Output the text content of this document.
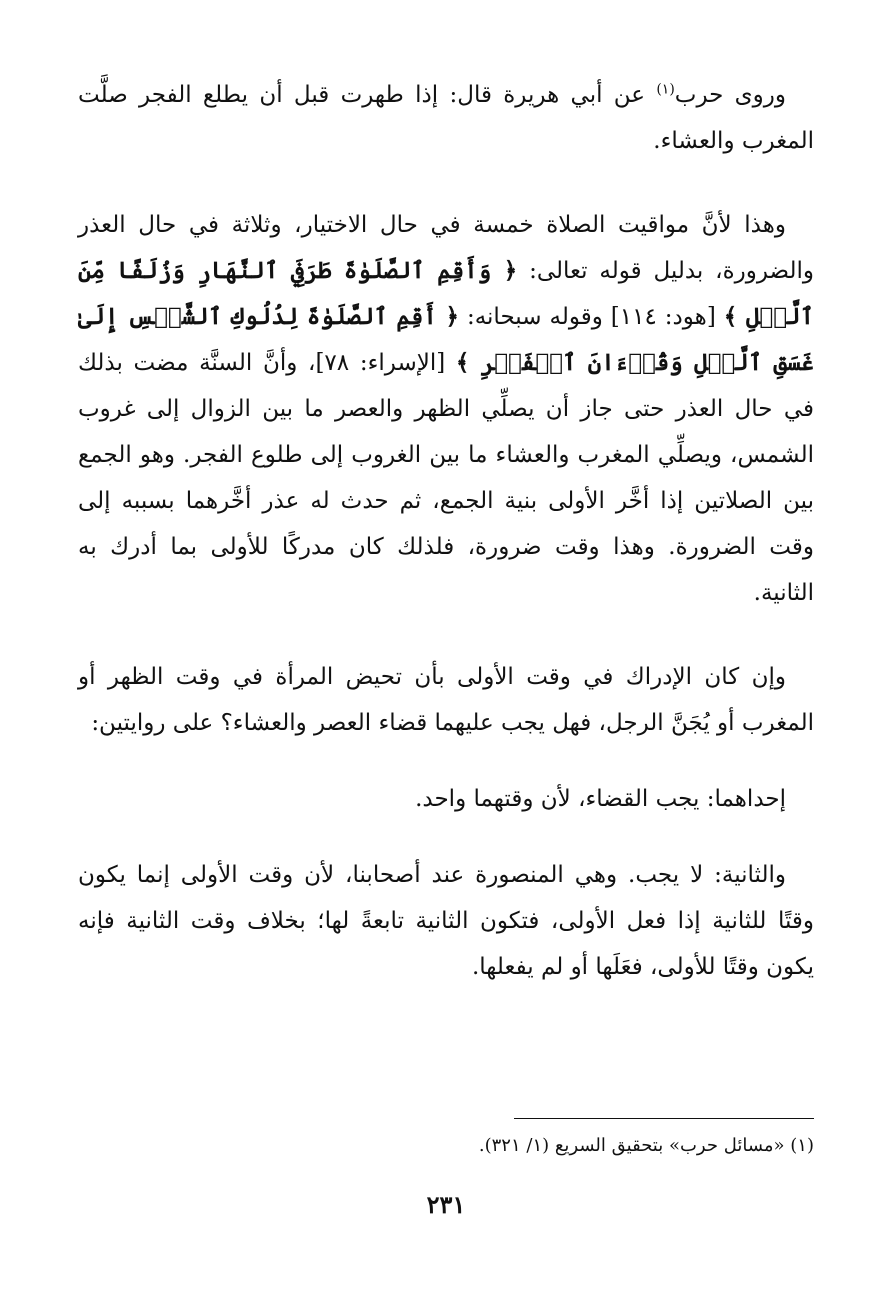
وروى حرب$^{(١)}$ عن أبي هريرة قال: إذا طهرت قبل أن يطلع الفجر صلَّت المغرب والعشاء.

وهذا لأنَّ مواقيت الصلاة خمسة في حال الاختيار، وثلاثة في حال العذر والضرورة، بدليل قوله تعالى: ﴿ وَأَقِمِ ٱلصَّلَوٰةَ طَرَفَيِ ٱلنَّهَارِ وَزُلَفًا مِّنَ ٱلَّيۡلِ ﴾ [هود: ١١٤] وقوله سبحانه: ﴿ أَقِمِ ٱلصَّلَوٰةَ لِدُلُوكِ ٱلشَّمۡسِ إِلَىٰ غَسَقِ ٱلَّيۡلِ وَقُرۡءَانَ ٱلۡفَجۡرِ ﴾ [الإسراء: ٧٨]، وأنَّ السنَّة مضت بذلك في حال العذر حتى جاز أن يصلِّي الظهر والعصر ما بين الزوال إلى غروب الشمس، ويصلِّي المغرب والعشاء ما بين الغروب إلى طلوع الفجر. وهو الجمع بين الصلاتين إذا أخَّر الأولى بنية الجمع، ثم حدث له عذر أخَّرهما بسببه إلى وقت الضرورة. وهذا وقت ضرورة، فلذلك كان مدركًا للأولى بما أدرك به الثانية.

وإن كان الإدراك في وقت الأولى بأن تحيض المرأة في وقت الظهر أو المغرب أو يُجَنَّ الرجل، فهل يجب عليهما قضاء العصر والعشاء؟ على روايتين:

إحداهما: يجب القضاء، لأن وقتهما واحد.

والثانية: لا يجب. وهي المنصورة عند أصحابنا، لأن وقت الأولى إنما يكون وقتًا للثانية إذا فعل الأولى، فتكون الثانية تابعةً لها؛ بخلاف وقت الثانية فإنه يكون وقتًا للأولى، فعَلَها أو لم يفعلها.

(١) «مسائل حرب» بتحقيق السريع (١/ ٣٢١).
٢٣١
